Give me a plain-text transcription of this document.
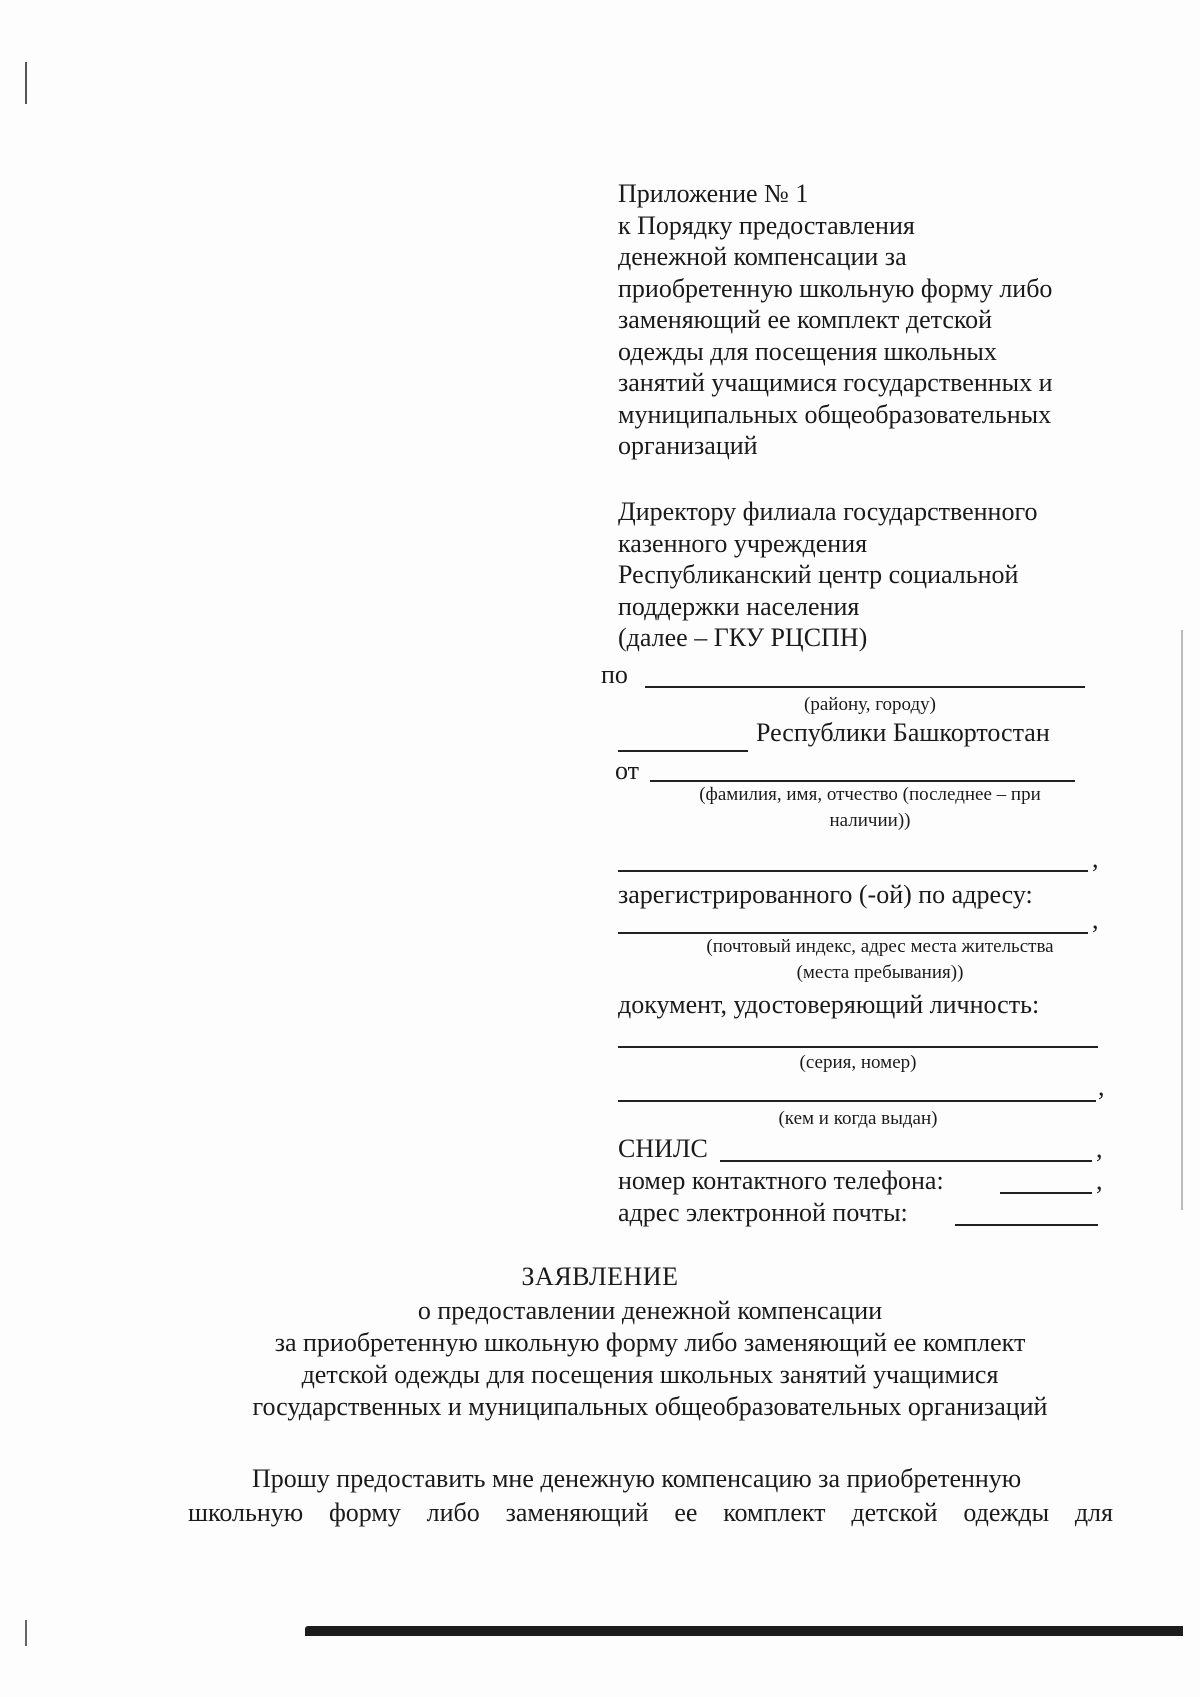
Приложение № 1
к Порядку предоставления
денежной компенсации за
приобретенную школьную форму либо
заменяющий ее комплект детской
одежды для посещения школьных
занятий учащимися государственных и
муниципальных общеобразовательных
организаций
Директору филиала государственного
казенного учреждения
Республиканский центр социальной
поддержки населения
(далее – ГКУ РЦСПН)
по
(району, городу)
Республики Башкортостан
от
(фамилия, имя, отчество (последнее – при
наличии))
,
зарегистрированного (-ой) по адресу:
,
(почтовый индекс, адрес места жительства
(места пребывания))
документ, удостоверяющий личность:
(серия, номер)
,
(кем и когда выдан)
СНИЛС	,
номер контактного телефона:	,
адрес электронной почты:
ЗАЯВЛЕНИЕ
о предоставлении денежной компенсации
за приобретенную школьную форму либо заменяющий ее комплект
детской одежды для посещения школьных занятий учащимися
государственных и муниципальных общеобразовательных организаций
Прошу предоставить мне денежную компенсацию за приобретенную
школьную форму либо заменяющий ее комплект детской одежды для
